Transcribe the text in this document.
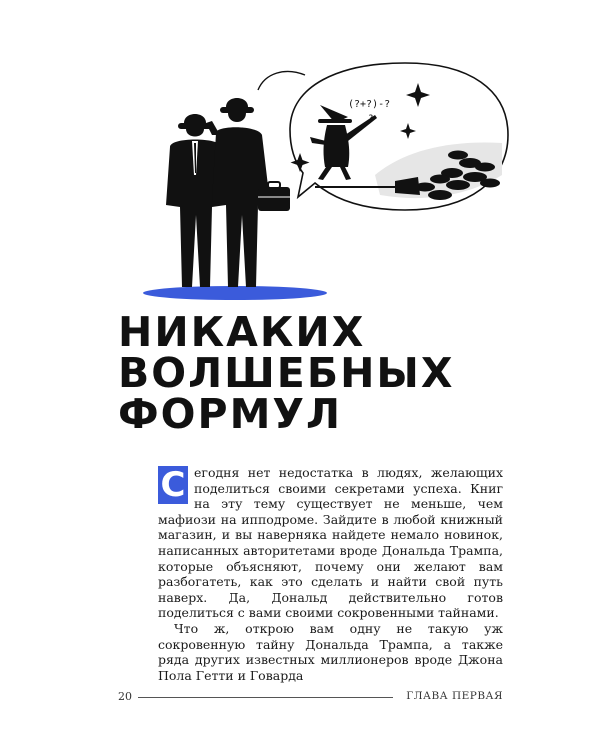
(?+?)-?
?
НИКАКИХ
ВОЛШЕБНЫХ
ФОРМУЛ

С егодня нет недостатка в людях, желающих поделиться своими секретами успеха. Книг на эту тему существует не меньше, чем мафиози на ипподроме. Зайдите в любой книжный магазин, и вы наверняка найдете немало новинок, написанных авторитетами вроде Дональда Трампа, которые объясняют, почему они желают вам разбогатеть, как это сделать и найти свой путь наверх. Да, Дональд действительно готов поделиться с вами своими сокровенными тайнами.

Что ж, открою вам одну не такую уж сокровенную тайну Дональда Трампа, а также ряда других известных миллионеров вроде Джона Пола Гетти и Говарда

20	ГЛАВА ПЕРВАЯ
